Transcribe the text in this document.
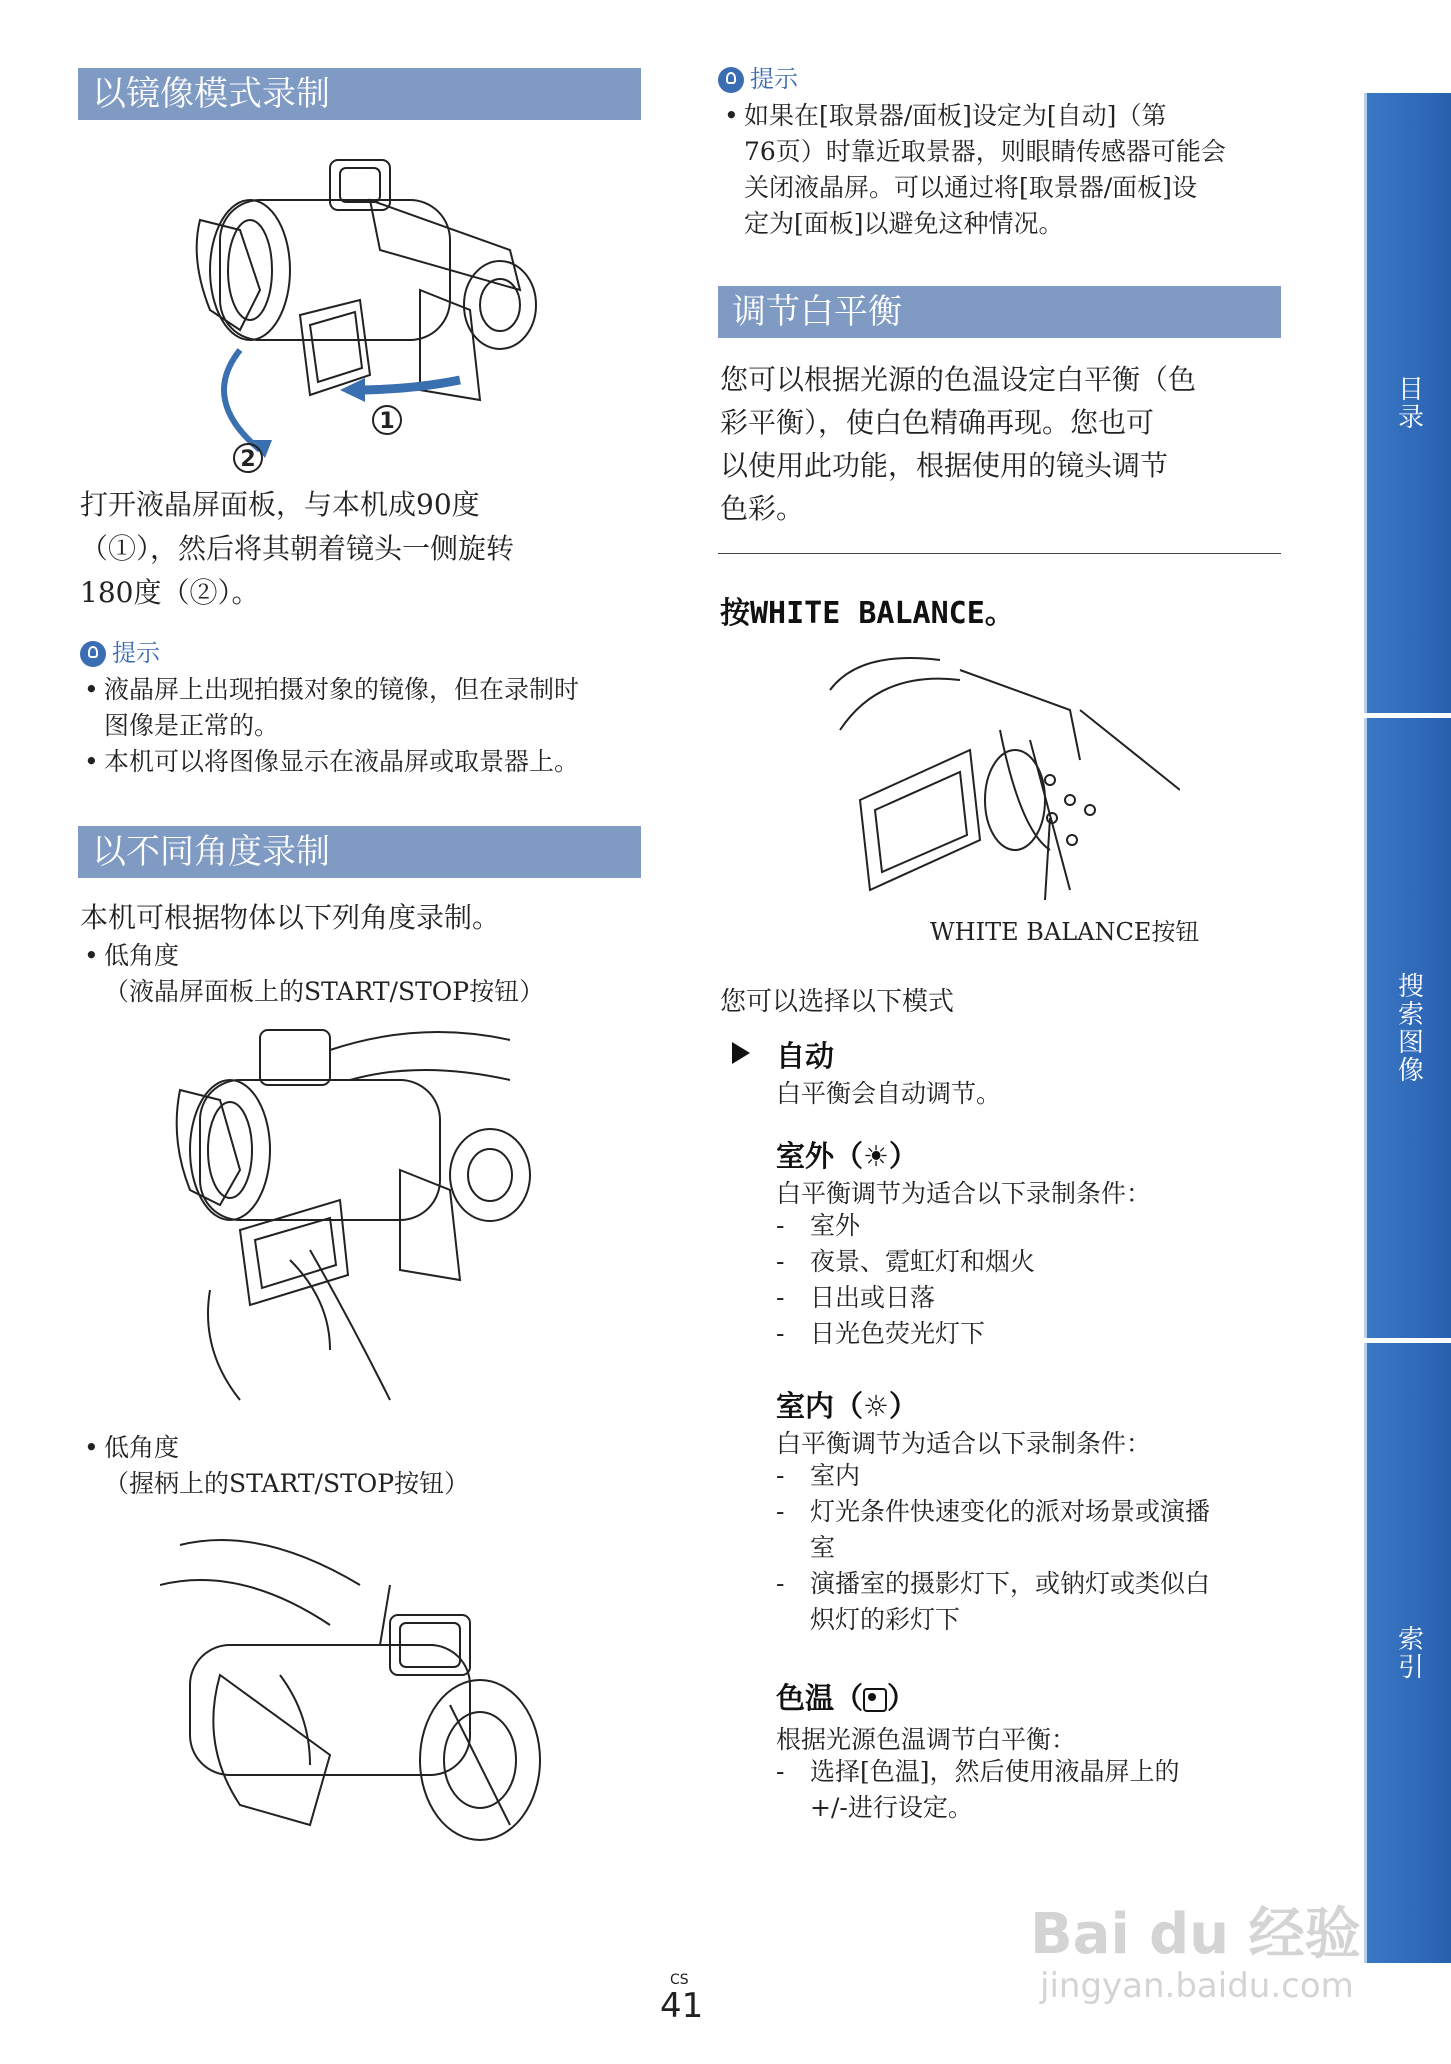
以镜像模式录制
1
2
打开液晶屏面板，与本机成90度
（①），然后将其朝着镜头一侧旋转
180度（②）。
提示
• 液晶屏上出现拍摄对象的镜像，但在录制时
图像是正常的。
• 本机可以将图像显示在液晶屏或取景器上。
以不同角度录制
本机可根据物体以下列角度录制。
• 低角度
（液晶屏面板上的START/STOP按钮）
• 低角度
（握柄上的START/STOP按钮）
提示
• 如果在[取景器/面板]设定为[自动]（第
76页）时靠近取景器，则眼睛传感器可能会
关闭液晶屏。可以通过将[取景器/面板]设
定为[面板]以避免这种情况。
调节白平衡
您可以根据光源的色温设定白平衡（色
彩平衡），使白色精确再现。您也可
以使用此功能，根据使用的镜头调节
色彩。
按WHITE BALANCE。
WHITE BALANCE按钮
您可以选择以下模式
自动
白平衡会自动调节。
室外（☀）
白平衡调节为适合以下录制条件：
- 室外
- 夜景、霓虹灯和烟火
- 日出或日落
- 日光色荧光灯下
室内（☼）
白平衡调节为适合以下录制条件：
- 室内
- 灯光条件快速变化的派对场景或演播
室
- 演播室的摄影灯下，或钠灯或类似白
炽灯的彩灯下
色温（ ）
根据光源色温调节白平衡：
- 选择[色温]，然后使用液晶屏上的
+/-进行设定。
目录
搜索图像
索引
CS
41
Bai du 经验
jingyan.baidu.com
